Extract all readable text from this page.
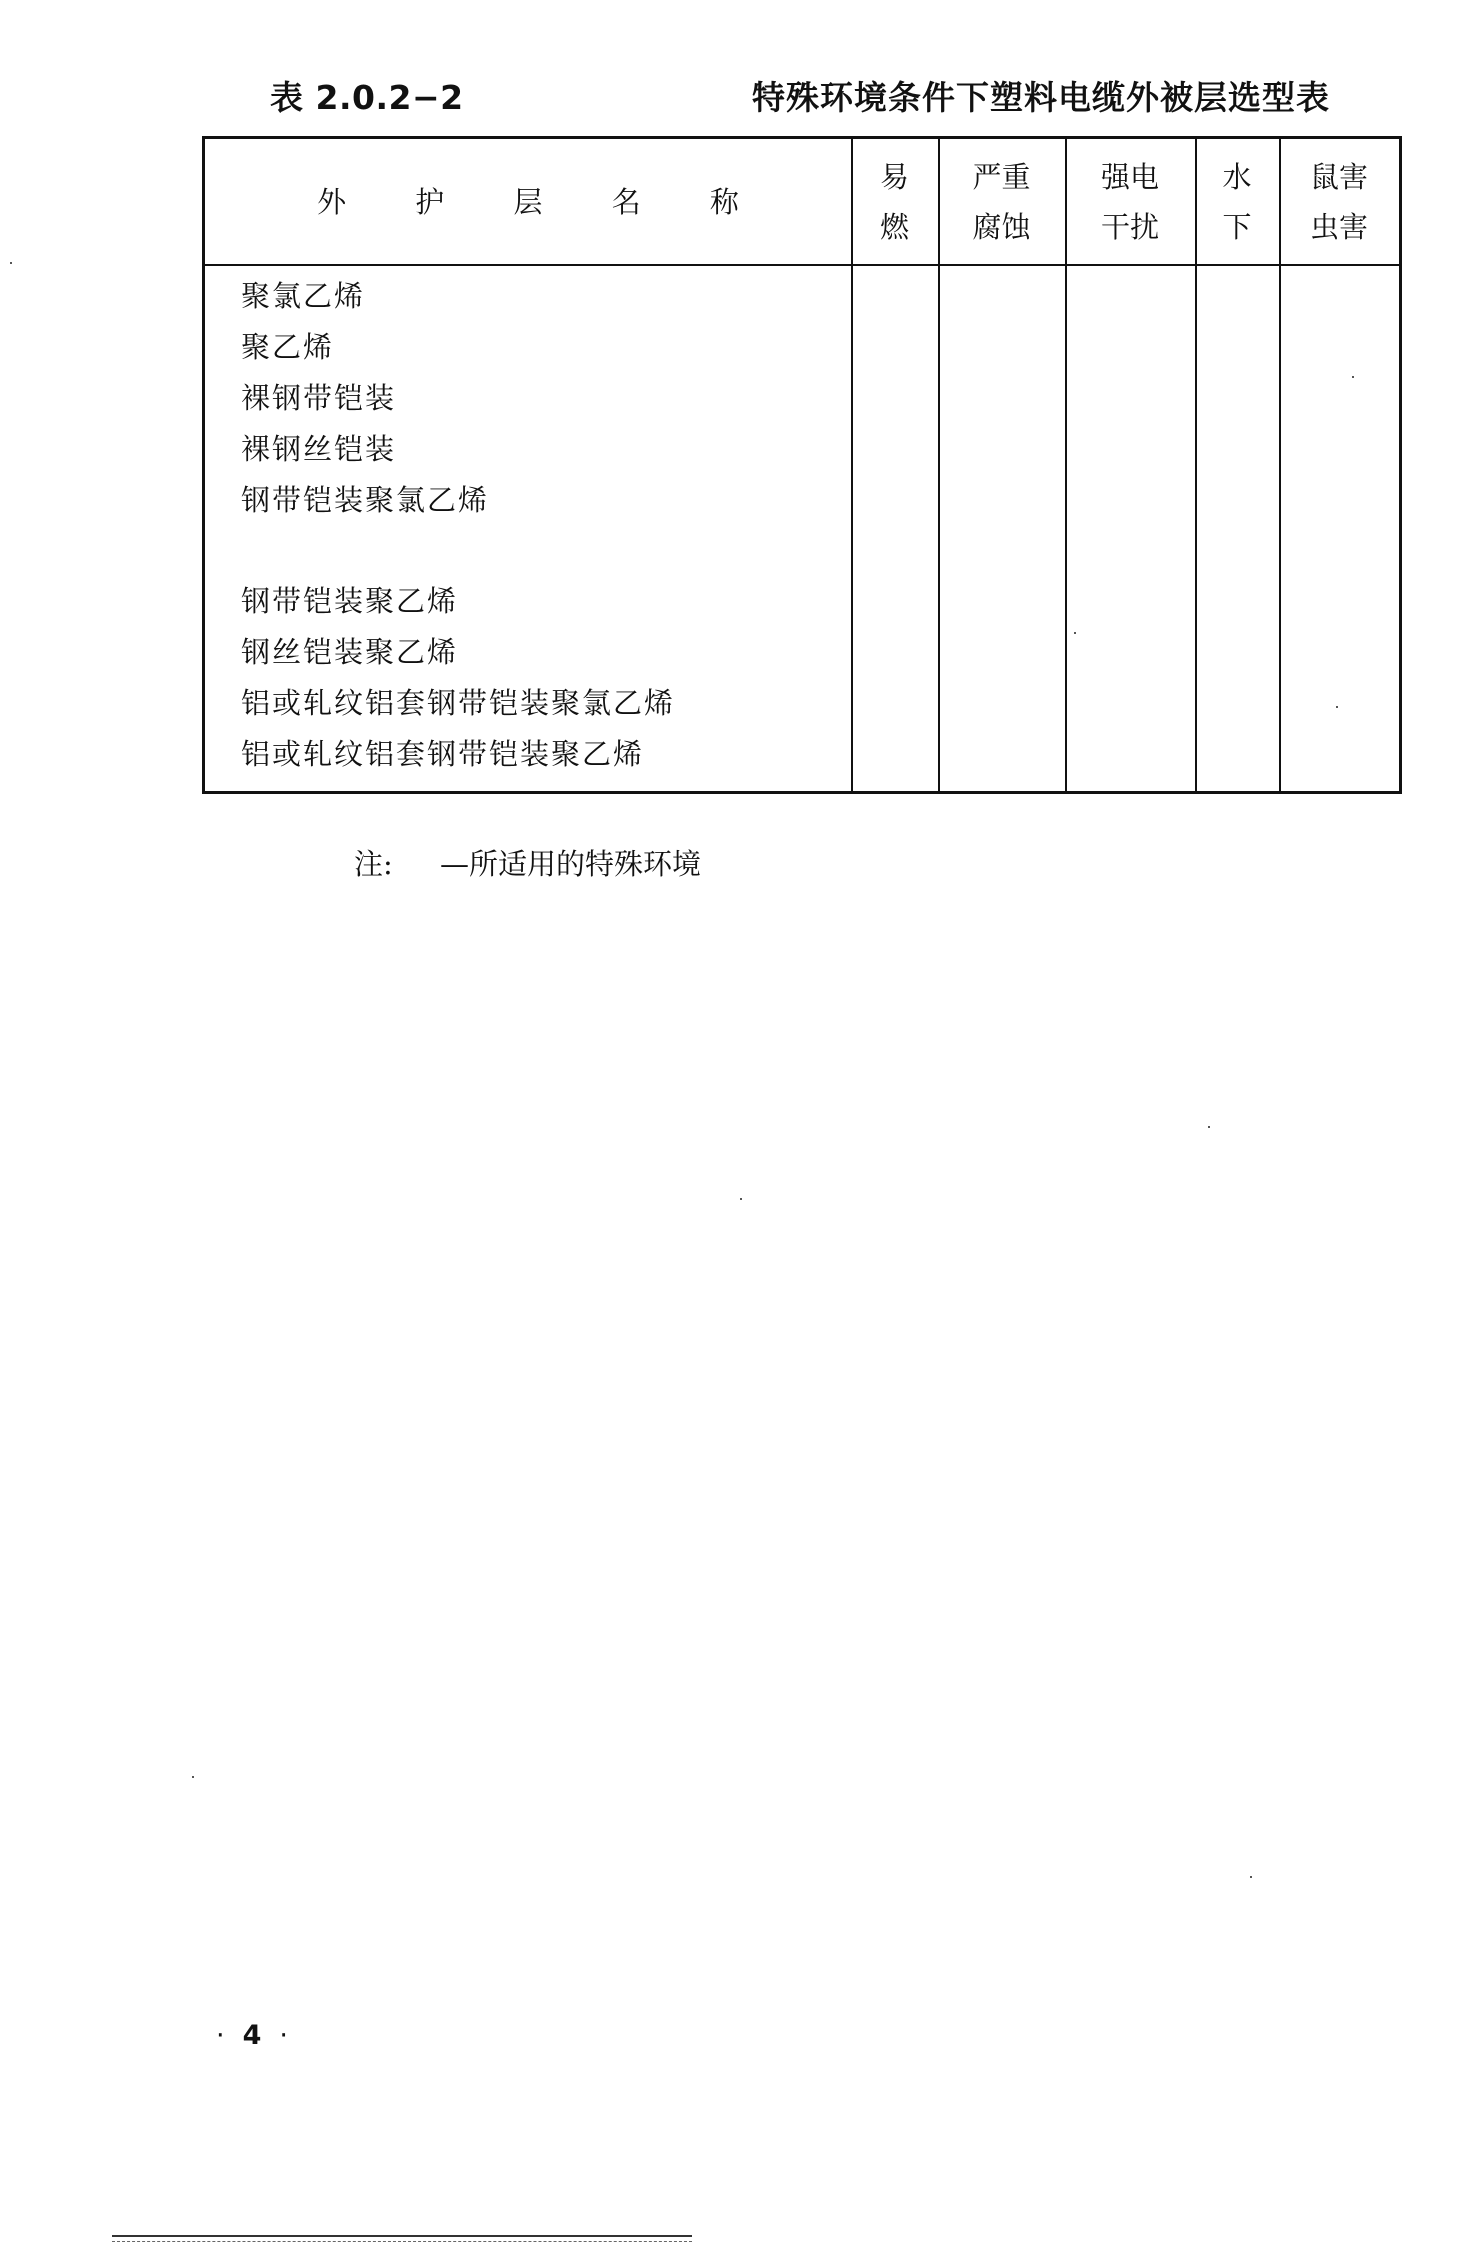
表 2.0.2−2	特殊环境条件下塑料电缆外被层选型表
外 护 层 名 称
易
燃
严重
腐蚀
强电
干扰
水
下
鼠害
虫害
聚氯乙烯
聚乙烯
裸钢带铠装
裸钢丝铠装
钢带铠装聚氯乙烯
钢带铠装聚乙烯
钢丝铠装聚乙烯
铝或轧纹铝套钢带铠装聚氯乙烯
铝或轧纹铝套钢带铠装聚乙烯
注: —所适用的特殊环境
· 4 ·
